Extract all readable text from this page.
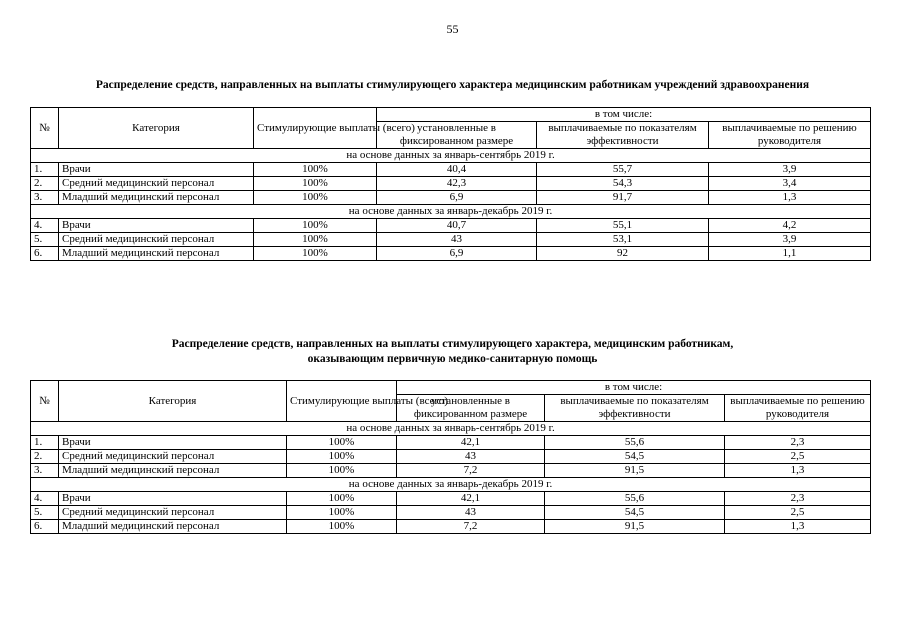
55
Распределение средств, направленных на выплаты стимулирующего характера медицинским работникам учреждений здравоохранения
№	Категория	Стимулирующие выплаты (всего)	в том числе:		
			установленные в фиксированном размере	выплачиваемые по показателям эффективности	выплачиваемые по решению руководителя
на основе данных за январь-сентябрь 2019 г.					
1.	Врачи	100%	40,4	55,7	3,9
2.	Средний медицинский персонал	100%	42,3	54,3	3,4
3.	Младший медицинский персонал	100%	6,9	91,7	1,3
на основе данных за январь-декабрь 2019 г.					
4.	Врачи	100%	40,7	55,1	4,2
5.	Средний медицинский персонал	100%	43	53,1	3,9
6.	Младший медицинский персонал	100%	6,9	92	1,1
Распределение средств, направленных на выплаты стимулирующего характера, медицинским работникам, оказывающим первичную медико-санитарную помощь
№	Категория	Стимулирующие выплаты (всего)	в том числе:		
			установленные в фиксированном размере	выплачиваемые по показателям эффективности	выплачиваемые по решению руководителя
на основе данных за январь-сентябрь 2019 г.					
1.	Врачи	100%	42,1	55,6	2,3
2.	Средний медицинский персонал	100%	43	54,5	2,5
3.	Младший медицинский персонал	100%	7,2	91,5	1,3
на основе данных за январь-декабрь 2019 г.					
4.	Врачи	100%	42,1	55,6	2,3
5.	Средний медицинский персонал	100%	43	54,5	2,5
6.	Младший медицинский персонал	100%	7,2	91,5	1,3
